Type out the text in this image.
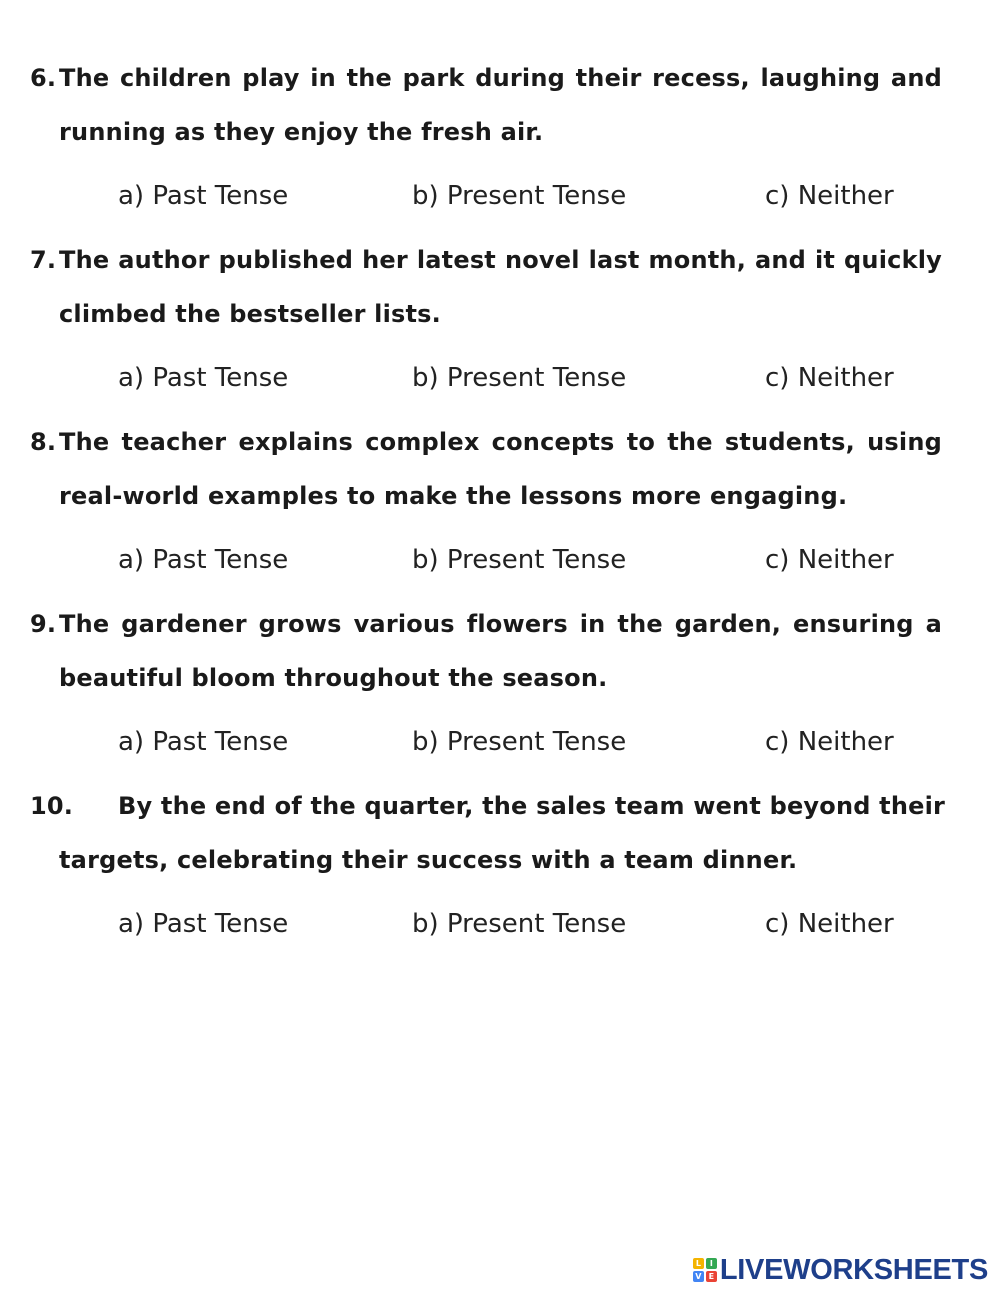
6. The children play in the park during their recess, laughing and
running as they enjoy the fresh air.
a) Past Tense	b) Present Tense	c) Neither
7. The author published her latest novel last month, and it quickly
climbed the bestseller lists.
a) Past Tense	b) Present Tense	c) Neither
8. The teacher explains complex concepts to the students, using
real-world examples to make the lessons more engaging.
a) Past Tense	b) Present Tense	c) Neither
9. The gardener grows various flowers in the garden, ensuring a
beautiful bloom throughout the season.
a) Past Tense	b) Present Tense	c) Neither
10. By the end of the quarter, the sales team went beyond their
targets, celebrating their success with a team dinner.
a) Past Tense	b) Present Tense	c) Neither
L	I
V E LIVEWORKSHEETS
